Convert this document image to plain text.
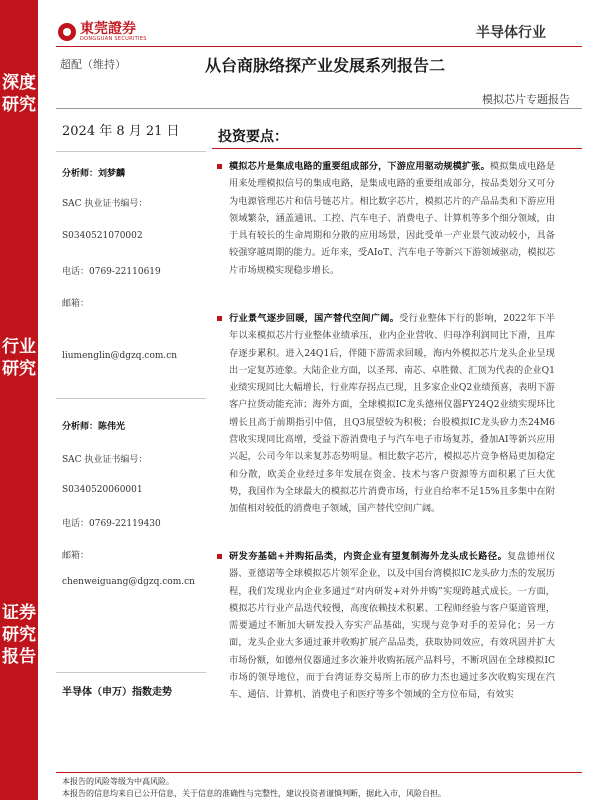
深度
研究
行业
研究
证券
研究
报告
東莞證券
DONGGUAN SECURITIES	半导体行业
超配（维持）	从台商脉络探产业发展系列报告二
模拟芯片专题报告
2024 年 8 月 21 日
分析师：刘梦麟
SAC 执业证书编号：
S0340521070002
电话：0769-22110619
邮箱：
liumenglin@dgzq.com.cn
分析师：陈伟光
SAC 执业证书编号：
S0340520060001
电话：0769-22119430
邮箱：
chenweiguang@dgzq.com.cn
半导体（申万）指数走势
投资要点：
模拟芯片是集成电路的重要组成部分，下游应用驱动规模扩张。模拟集成电路是用来处理模拟信号的集成电路，是集成电路的重要组成部分，按品类划分又可分为电源管理芯片和信号链芯片。相比数字芯片，模拟芯片的产品品类和下游应用领域繁杂，涵盖通讯、工控、汽车电子、消费电子、计算机等多个细分领域，由于具有较长的生命周期和分散的应用场景，因此受单一产业景气波动较小，具备较强穿越周期的能力。近年来，受AIoT、汽车电子等新兴下游领域驱动，模拟芯片市场规模实现稳步增长。
行业景气逐步回暖，国产替代空间广阔。受行业整体下行的影响，2022年下半年以来模拟芯片行业整体业绩承压，业内企业营收、归母净利润同比下滑，且库存逐步累积。进入24Q1后，伴随下游需求回暖，海内外模拟芯片龙头企业呈现出一定复苏迹象。大陆企业方面，以圣邦、南芯、卓胜微、汇顶为代表的企业Q1业绩实现同比大幅增长，行业库存拐点已现，且多家企业Q2业绩预喜，表明下游客户拉货动能充沛；海外方面，全球模拟IC龙头德州仪器FY24Q2业绩实现环比增长且高于前期指引中值，且Q3展望较为积极；台股模拟IC龙头矽力杰24M6营收实现同比高增，受益下游消费电子与汽车电子市场复苏，叠加AI等新兴应用兴起，公司今年以来复苏态势明显。相比数字芯片，模拟芯片竞争格局更加稳定和分散，欧美企业经过多年发展在资金、技术与客户资源等方面积累了巨大优势，我国作为全球最大的模拟芯片消费市场，行业自给率不足15%且多集中在附加值相对较低的消费电子领域，国产替代空间广阔。
研发夯基础+并购拓品类，内资企业有望复制海外龙头成长路径。复盘德州仪器、亚德诺等全球模拟芯片领军企业，以及中国台湾模拟IC龙头矽力杰的发展历程，我们发现业内企业多通过“对内研发+对外并购”实现跨越式成长。一方面，模拟芯片行业产品迭代较慢，高度依赖技术积累、工程师经验与客户渠道管理，需要通过不断加大研发投入夯实产品基础，实现与竞争对手的差异化；另一方面，龙头企业大多通过兼并收购扩展产品品类，获取协同效应，有效巩固并扩大市场份额，如德州仪器通过多次兼并收购拓展产品料号，不断巩固在全球模拟IC市场的领导地位，而于台湾证券交易所上市的矽力杰也通过多次收购实现在汽车、通信、计算机、消费电子和医疗等多个领域的全方位布局，有效实
本报告的风险等级为中高风险。
本报告的信息均来自已公开信息，关于信息的准确性与完整性，建议投资者谨慎判断，据此入市，风险自担。
